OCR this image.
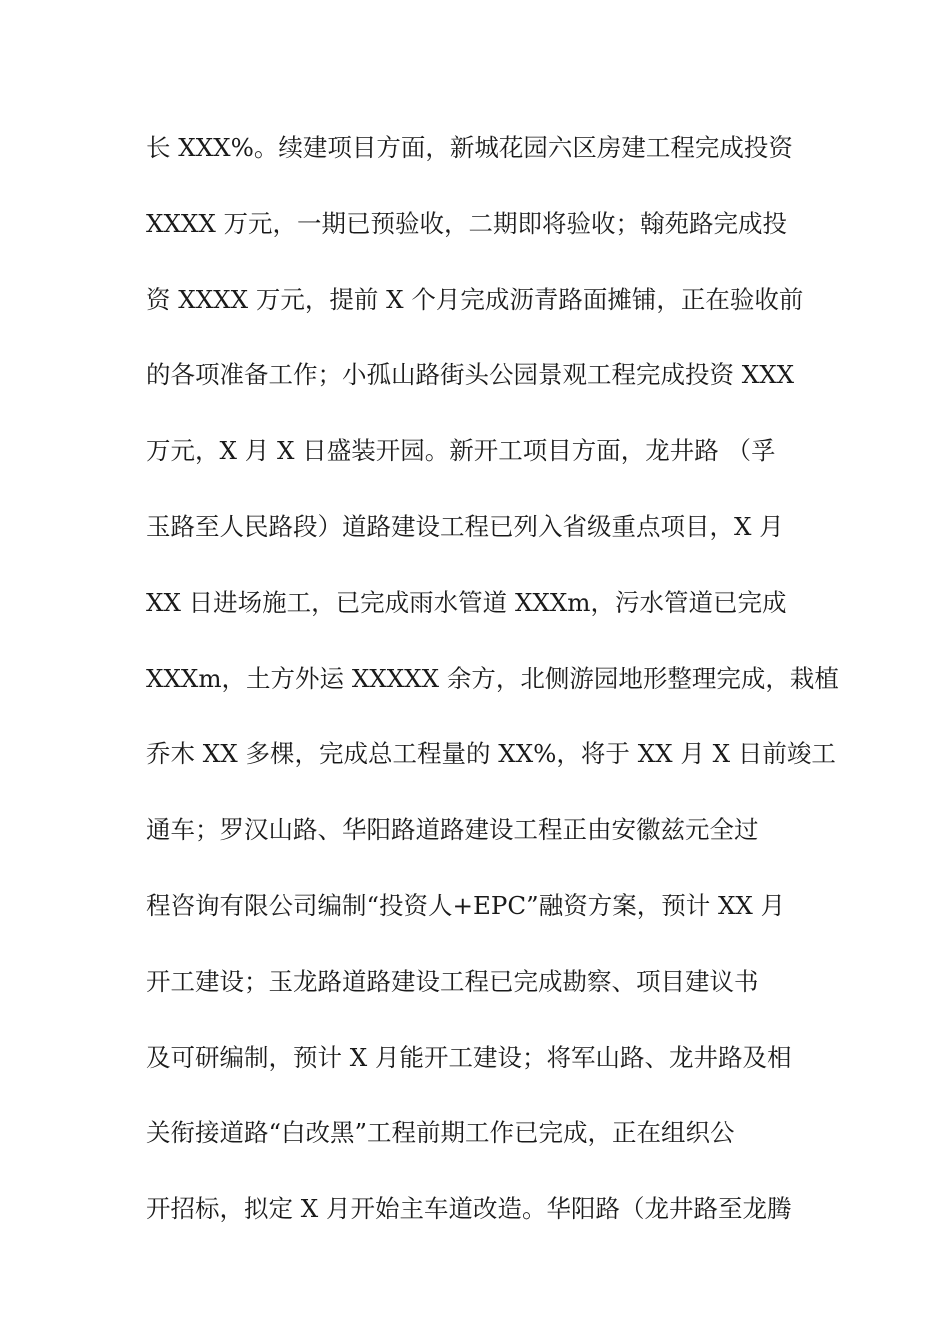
长 XXX%。续建项目方面，新城花园六区房建工程完成投资
XXXX 万元，一期已预验收，二期即将验收；翰苑路完成投
资 XXXX 万元，提前 X 个月完成沥青路面摊铺，正在验收前
的各项准备工作；小孤山路街头公园景观工程完成投资 XXX
万元，X 月 X 日盛装开园。新开工项目方面，龙井路 （孚
玉路至人民路段）道路建设工程已列入省级重点项目，X 月
XX 日进场施工，已完成雨水管道 XXXm，污水管道已完成
XXXm，土方外运 XXXXX 余方，北侧游园地形整理完成，栽植
乔木 XX 多棵，完成总工程量的 XX%，将于 XX 月 X 日前竣工
通车；罗汉山路、华阳路道路建设工程正由安徽兹元全过
程咨询有限公司编制“投资人+EPC”融资方案，预计 XX 月
开工建设；玉龙路道路建设工程已完成勘察、项目建议书
及可研编制，预计 X 月能开工建设；将军山路、龙井路及相
关衔接道路“白改黑”工程前期工作已完成，正在组织公
开招标，拟定 X 月开始主车道改造。华阳路（龙井路至龙腾
